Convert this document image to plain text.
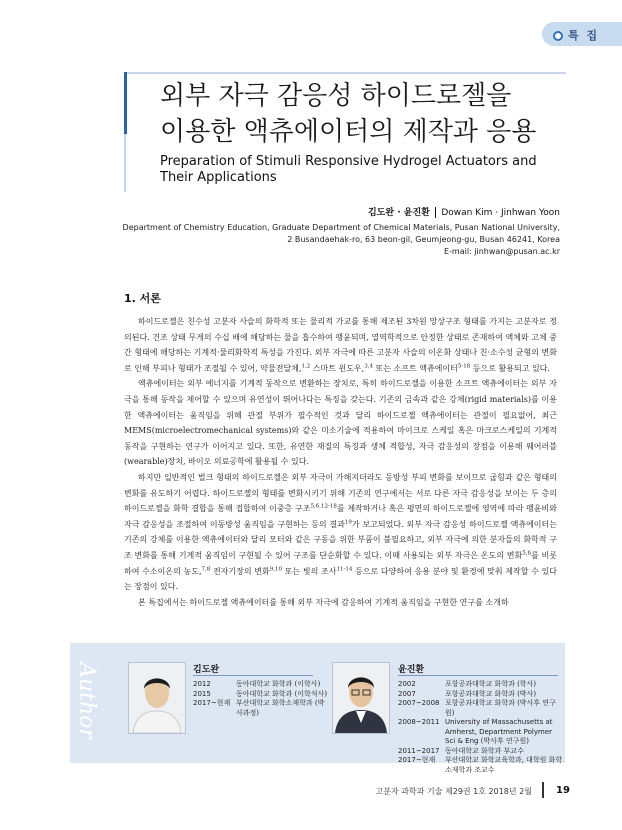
특 집
외부 자극 감응성 하이드로젤을
이용한 액츄에이터의 제작과 응용
Preparation of Stimuli Responsive Hydrogel Actuators and Their Applications
김도완 · 윤진환 Dowan Kim · Jinhwan Yoon
Department of Chemistry Education, Graduate Department of Chemical Materials, Pusan National University,
2 Busandaehak-ro, 63 beon-gil, Geumjeong-gu, Busan 46241, Korea
E-mail: jinhwan@pusan.ac.kr
1. 서론

하이드로젤은 친수성 고분자 사슬의 화학적 또는 물리적 가교를 통해 제조된 3차원 망상구조 형태를 가지는 고분자로 정의된다. 건조 상태 무게의 수십 배에 해당하는 물을 흡수하여 팽윤되며, 열역학적으로 안정한 상태로 존재하여 액체와 고체 중간 형태에 해당하는 기계적·물리화학적 특성을 가진다. 외부 자극에 따른 고분자 사슬의 이온화 상태나 친·소수성 균형의 변화로 인해 부피나 형태가 조절될 수 있어, 약물전달체,$^{1,2}$ 스마트 윈도우,$^{3,4}$ 또는 소프트 액츄에이터$^{5-18}$ 등으로 활용되고 있다.

액츄에이터는 외부 에너지를 기계적 동작으로 변환하는 장치로, 특히 하이드로젤을 이용한 소프트 액츄에이터는 외부 자극을 통해 동작을 제어할 수 있으며 유연성이 뛰어나다는 특징을 갖는다. 기존의 금속과 같은 강체(rigid materials)를 이용한 액츄에이터는 움직임을 위해 관절 부위가 필수적인 것과 달리 하이드로젤 액츄에이터는 관절이 필요없어, 최근 MEMS(microelectromechanical systems)와 같은 미소기술에 적용하여 마이크로 스케일 혹은 마크로스케일의 기계적 동작을 구현하는 연구가 이어지고 있다. 또한, 유연한 재질의 특징과 생체 적합성, 자극 감응성의 장점을 이용해 웨어러블(wearable)장치, 바이오 의료공학에 활용될 수 있다.

하지만 일반적인 벌크 형태의 하이드로젤은 외부 자극이 가해지더라도 등방성 부피 변화를 보이므로 굽힘과 같은 형태의 변화를 유도하기 어렵다. 하이드로젤의 형태를 변화시키기 위해 기존의 연구에서는 서로 다른 자극 감응성을 보이는 두 층의 하이드로젤을 화학 결합을 통해 접합하여 이중층 구조$^{5,6,12-18}$를 제작하거나 혹은 평면의 하이드로젤에 영역에 따라 팽윤비와 자극 감응성을 조절하여 이동방성 움직임을 구현하는 등의 결과$^{19}$가 보고되었다. 외부 자극 감응성 하이드로젤 액츄에이터는 기존의 강체를 이용한 액츄에이터와 달리 모터와 같은 구동을 위한 부품이 불필요하고, 외부 자극에 의한 분자들의 화학적 구조 변화를 통해 기계적 움직임이 구현될 수 있어 구조를 단순화할 수 있다. 이때 사용되는 외부 자극은 온도의 변화$^{5,6}$를 비롯하여 수소이온의 농도,$^{7,8}$ 전자기장의 변화$^{9,10}$ 또는 빛의 조사$^{11-14}$ 등으로 다양하여 응용 분야 및 환경에 맞춰 제작할 수 있다는 장점이 있다.

본 특집에서는 하이드로젤 액츄에이터를 통해 외부 자극에 감응하여 기계적 움직임을 구현한 연구를 소개하

Author	김도완
2012	동아대학교 화학과 (이학사)
2015	동아대학교 화학과 (이학석사)
2017~현재 부산대학교 화학소재학과 (박사과정)
윤진환
2002	포항공과대학교 화학과 (학사)
2007	포항공과대학교 화학과 (박사)
2007~2008 포항공과대학교 화학과 (박사후 연구원)
2008~2011 University of Massachusetts at Amherst, Department Polymer Sci & Eng (박사후 연구원)
2011~2017 동아대학교 화학과 부교수
2017~현재	부산대학교 화학교육학과, 대학원 화학소재학과 조교수
고분자 과학과 기술 제29권 1호 2018년 2월 19
